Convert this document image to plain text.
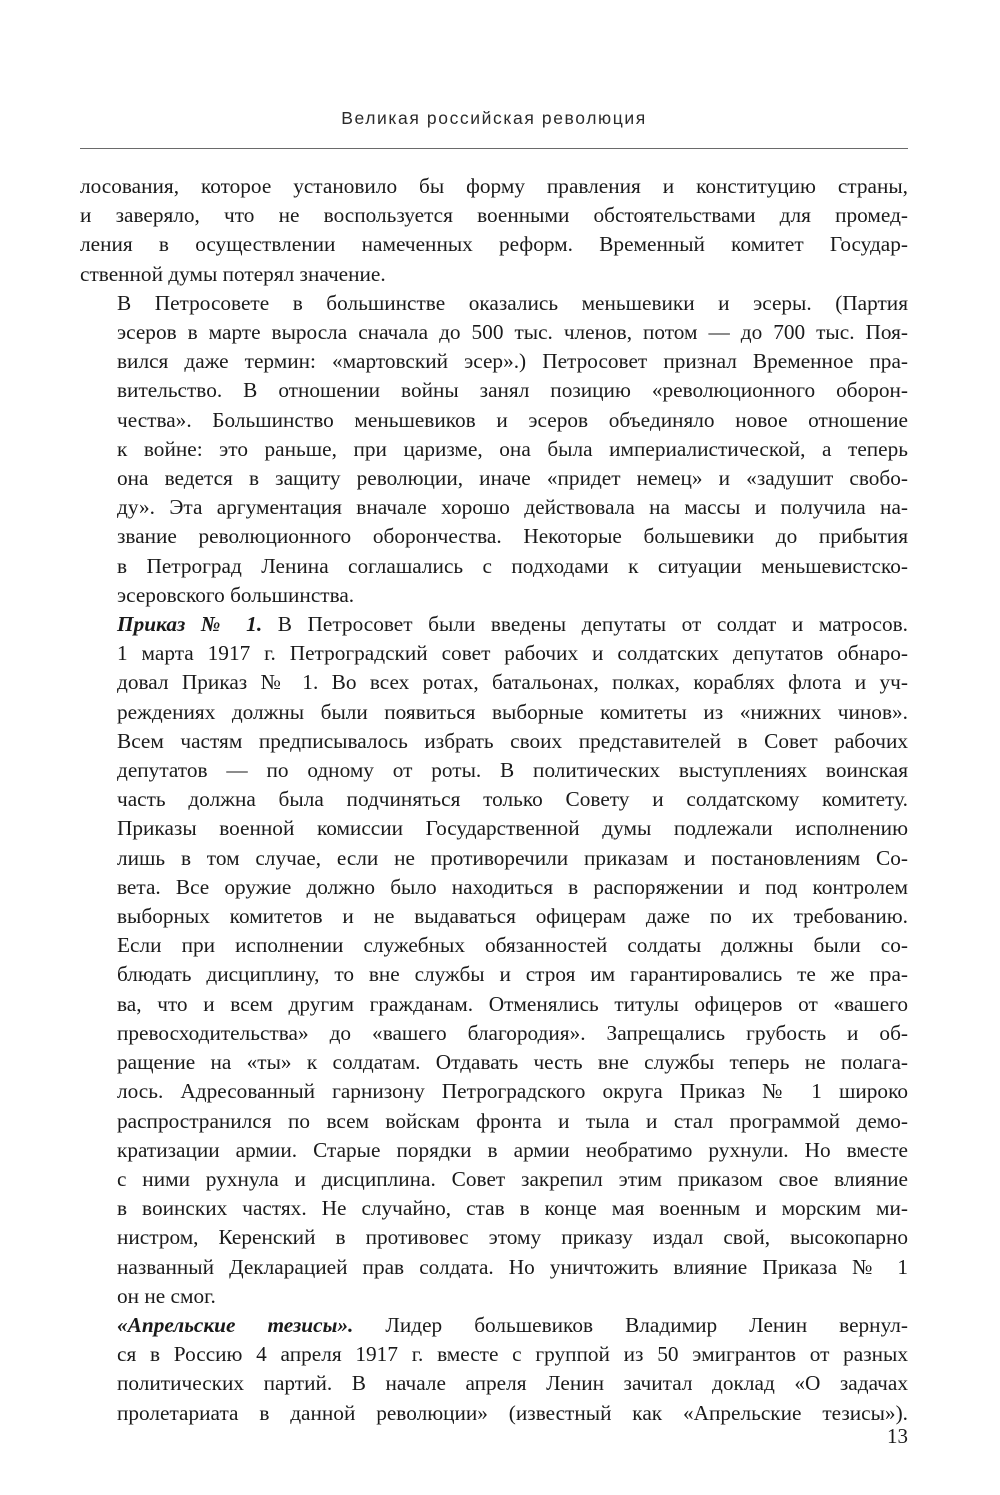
Великая российская революция
лосования, которое установило бы форму правления и конституцию страны,
и заверяло, что не воспользуется военными обстоятельствами для промед-
ления в осуществлении намеченных реформ. Временный комитет Государ-
ственной думы потерял значение.
В Петросовете в большинстве оказались меньшевики и эсеры. (Партия
эсеров в марте выросла сначала до 500 тыс. членов, потом — до 700 тыс. Поя-
вился даже термин: «мартовский эсер».) Петросовет признал Временное пра-
вительство. В отношении войны занял позицию «революционного оборон-
чества». Большинство меньшевиков и эсеров объединяло новое отношение
к войне: это раньше, при царизме, она была империалистической, а теперь
она ведется в защиту революции, иначе «придет немец» и «задушит свобо-
ду». Эта аргументация вначале хорошо действовала на массы и получила на-
звание революционного оборончества. Некоторые большевики до прибытия
в Петроград Ленина соглашались с подходами к ситуации меньшевистско-
эсеровского большинства.
Приказ № 1. В Петросовет были введены депутаты от солдат и матросов.
1 марта 1917 г. Петроградский совет рабочих и солдатских депутатов обнаро-
довал Приказ № 1. Во всех ротах, батальонах, полках, кораблях флота и уч-
реждениях должны были появиться выборные комитеты из «нижних чинов».
Всем частям предписывалось избрать своих представителей в Совет рабочих
депутатов — по одному от роты. В политических выступлениях воинская
часть должна была подчиняться только Совету и солдатскому комитету.
Приказы военной комиссии Государственной думы подлежали исполнению
лишь в том случае, если не противоречили приказам и постановлениям Со-
вета. Все оружие должно было находиться в распоряжении и под контролем
выборных комитетов и не выдаваться офицерам даже по их требованию.
Если при исполнении служебных обязанностей солдаты должны были со-
блюдать дисциплину, то вне службы и строя им гарантировались те же пра-
ва, что и всем другим гражданам. Отменялись титулы офицеров от «вашего
превосходительства» до «вашего благородия». Запрещались грубость и об-
ращение на «ты» к солдатам. Отдавать честь вне службы теперь не полага-
лось. Адресованный гарнизону Петроградского округа Приказ № 1 широко
распространился по всем войскам фронта и тыла и стал программой демо-
кратизации армии. Старые порядки в армии необратимо рухнули. Но вместе
с ними рухнула и дисциплина. Совет закрепил этим приказом свое влияние
в воинских частях. Не случайно, став в конце мая военным и морским ми-
нистром, Керенский в противовес этому приказу издал свой, высокопарно
названный Декларацией прав солдата. Но уничтожить влияние Приказа № 1
он не смог.
«Апрельские тезисы». Лидер большевиков Владимир Ленин вернул-
ся в Россию 4 апреля 1917 г. вместе с группой из 50 эмигрантов от разных
политических партий. В начале апреля Ленин зачитал доклад «О задачах
пролетариата в данной революции» (известный как «Апрельские тезисы»).
13
